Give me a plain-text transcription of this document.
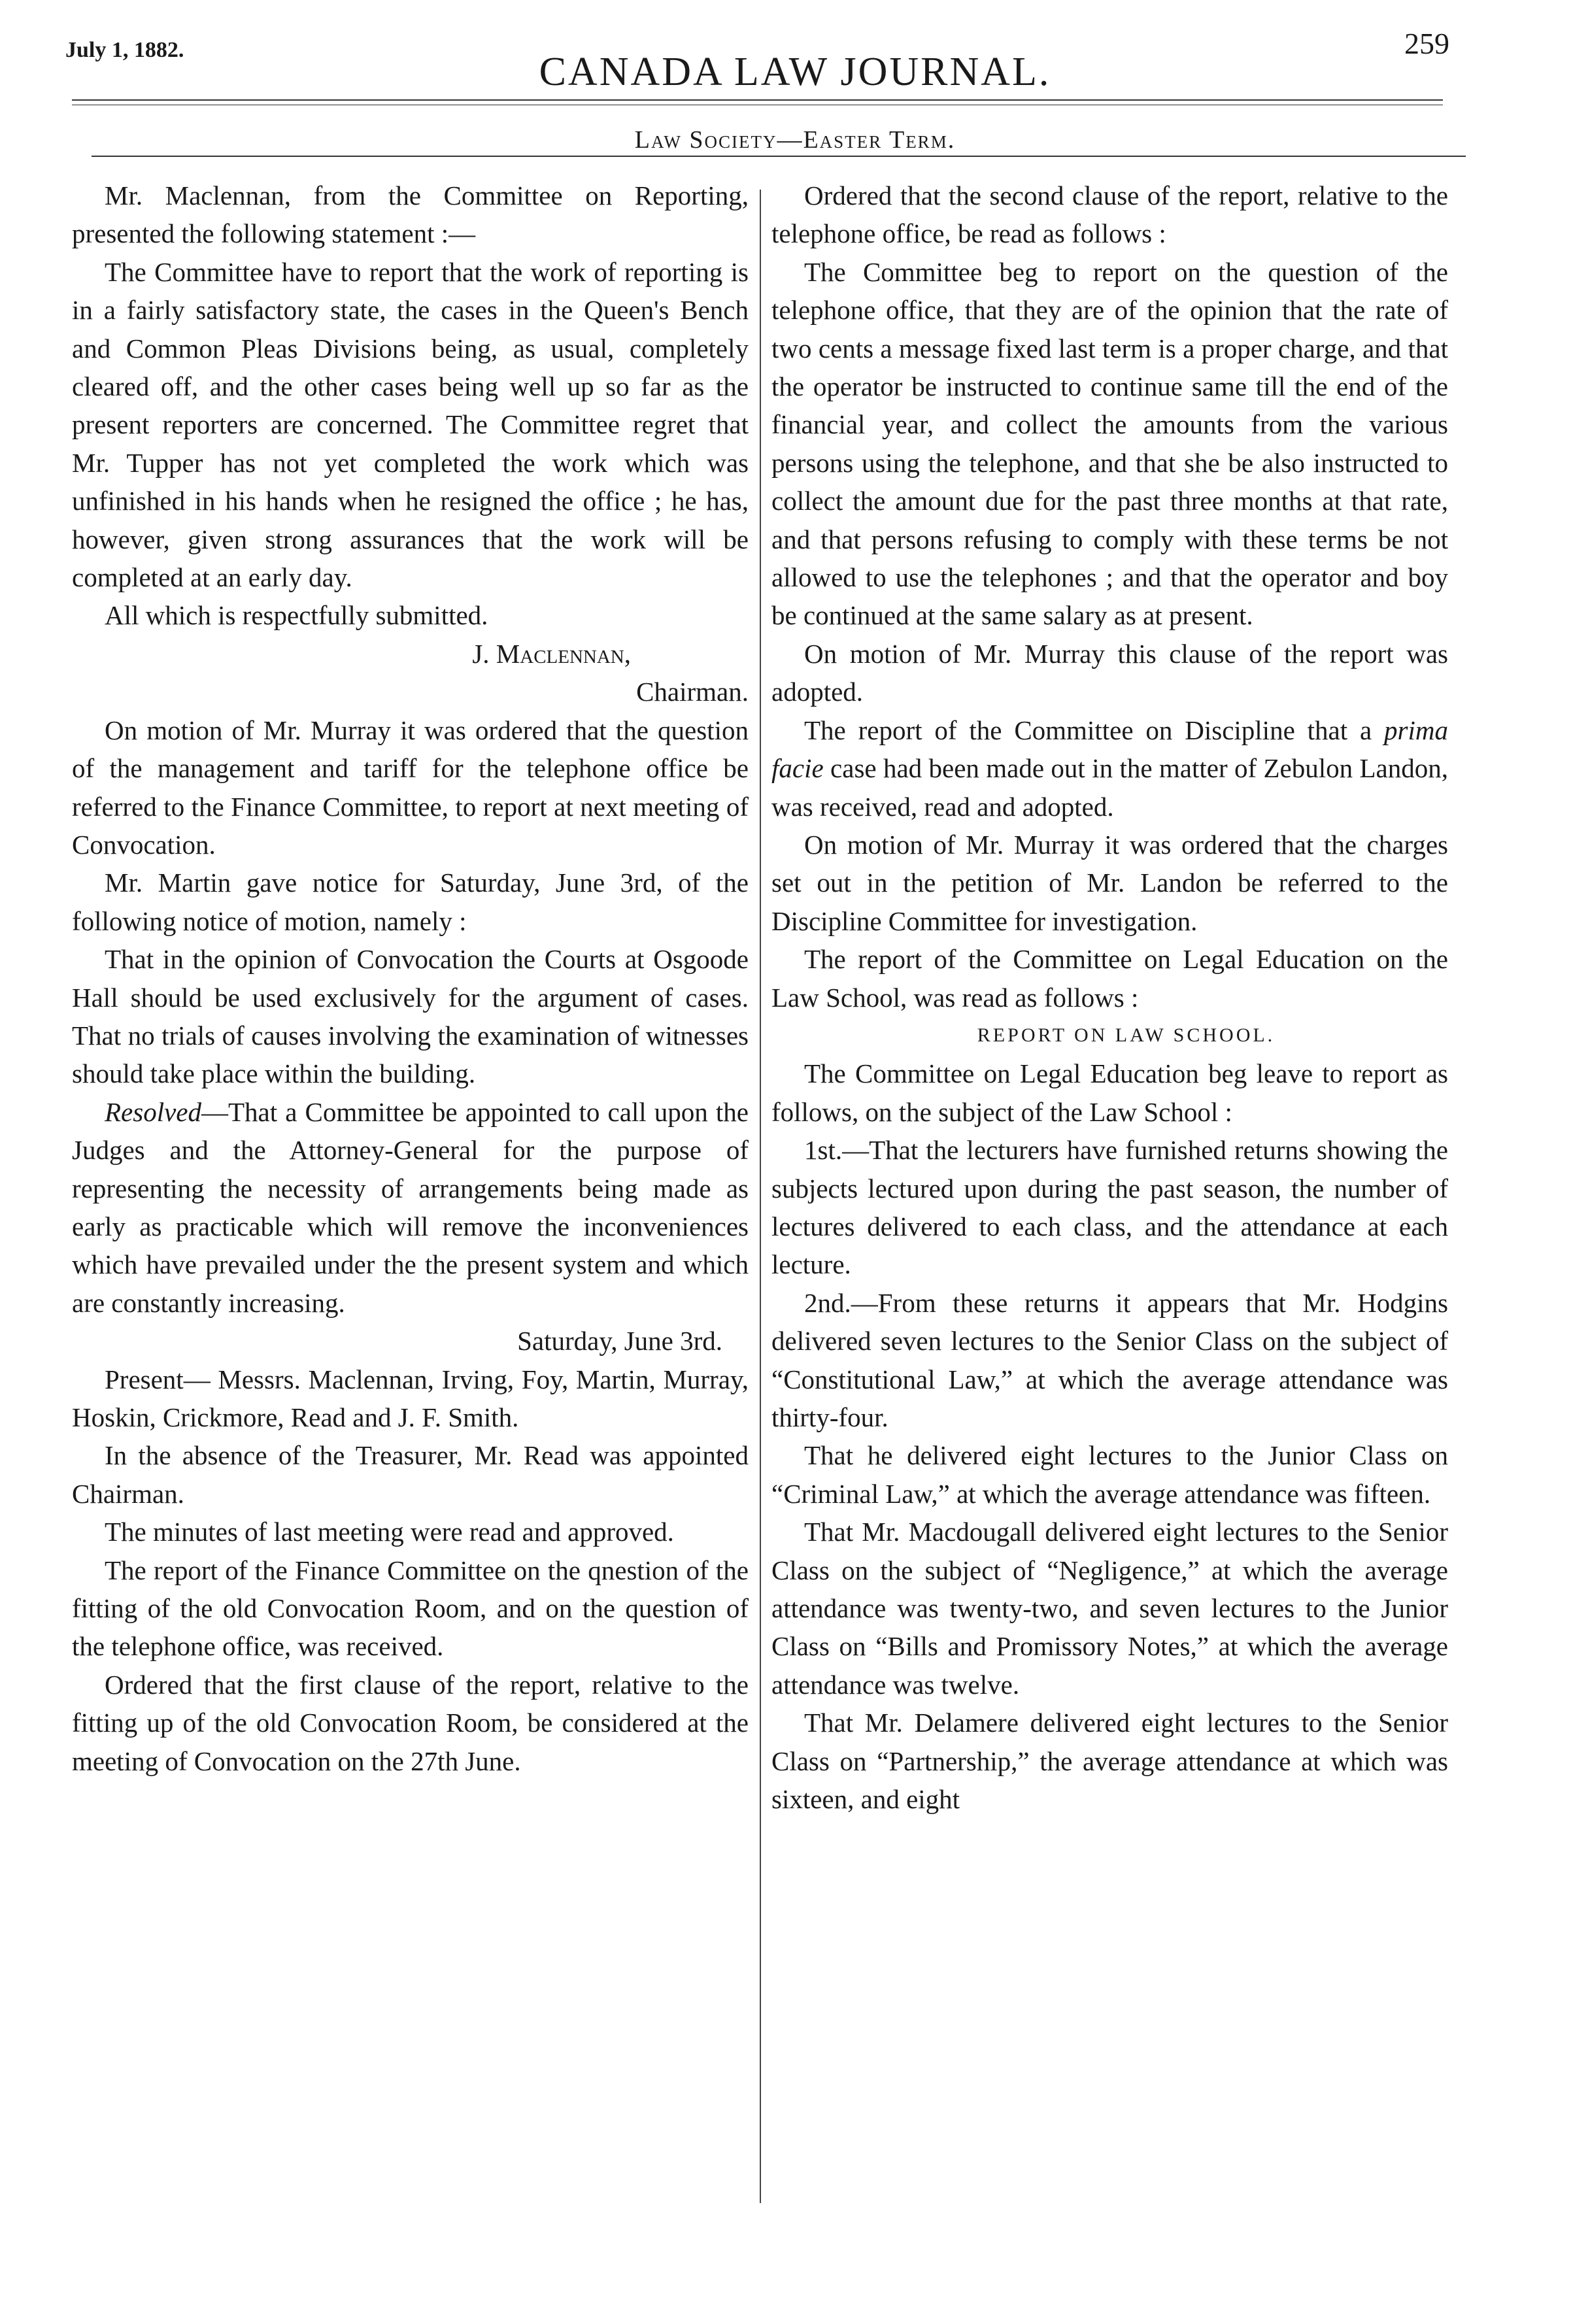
July 1, 1882.	CANADA LAW JOURNAL.
259
Law Society—Easter Term.

Mr. Maclennan, from the Committee on Reporting, presented the following statement :—

The Committee have to report that the work of reporting is in a fairly satisfactory state, the cases in the Queen's Bench and Common Pleas Divisions being, as usual, completely cleared off, and the other cases being well up so far as the present reporters are concerned. The Committee regret that Mr. Tupper has not yet completed the work which was unfinished in his hands when he resigned the office ; he has, however, given strong assurances that the work will be completed at an early day.

All which is respectfully submitted.

J. Maclennan,

Chairman.

On motion of Mr. Murray it was ordered that the question of the management and tariff for the telephone office be referred to the Finance Committee, to report at next meeting of Convocation.

Mr. Martin gave notice for Saturday, June 3rd, of the following notice of motion, namely :

That in the opinion of Convocation the Courts at Osgoode Hall should be used exclusively for the argument of cases. That no trials of causes involving the examination of witnesses should take place within the building.

Resolved—That a Committee be appointed to call upon the Judges and the Attorney-General for the purpose of representing the necessity of arrangements being made as early as practicable which will remove the inconveniences which have prevailed under the the present system and which are constantly increasing.

Saturday, June 3rd.

Present— Messrs. Maclennan, Irving, Foy, Martin, Murray, Hoskin, Crickmore, Read and J. F. Smith.

In the absence of the Treasurer, Mr. Read was appointed Chairman.

The minutes of last meeting were read and approved.

The report of the Finance Committee on the qnestion of the fitting of the old Convocation Room, and on the question of the telephone office, was received.

Ordered that the first clause of the report, relative to the fitting up of the old Convocation Room, be considered at the meeting of Convocation on the 27th June.

Ordered that the second clause of the report, relative to the telephone office, be read as follows :

The Committee beg to report on the question of the telephone office, that they are of the opinion that the rate of two cents a message fixed last term is a proper charge, and that the operator be instructed to continue same till the end of the financial year, and collect the amounts from the various persons using the telephone, and that she be also instructed to collect the amount due for the past three months at that rate, and that persons refusing to comply with these terms be not allowed to use the telephones ; and that the operator and boy be continued at the same salary as at present.

On motion of Mr. Murray this clause of the report was adopted.

The report of the Committee on Discipline that a prima facie case had been made out in the matter of Zebulon Landon, was received, read and adopted.

On motion of Mr. Murray it was ordered that the charges set out in the petition of Mr. Landon be referred to the Discipline Committee for investigation.

The report of the Committee on Legal Education on the Law School, was read as follows :

REPORT ON LAW SCHOOL.

The Committee on Legal Education beg leave to report as follows, on the subject of the Law School :

1st.—That the lecturers have furnished returns showing the subjects lectured upon during the past season, the number of lectures delivered to each class, and the attendance at each lecture.

2nd.—From these returns it appears that Mr. Hodgins delivered seven lectures to the Senior Class on the subject of “Constitutional Law,” at which the average attendance was thirty-four.

That he delivered eight lectures to the Junior Class on “Criminal Law,” at which the average attendance was fifteen.

That Mr. Macdougall delivered eight lectures to the Senior Class on the subject of “Negligence,” at which the average attendance was twenty-two, and seven lectures to the Junior Class on “Bills and Promissory Notes,” at which the average attendance was twelve.

That Mr. Delamere delivered eight lectures to the Senior Class on “Partnership,” the average attendance at which was sixteen, and eight
